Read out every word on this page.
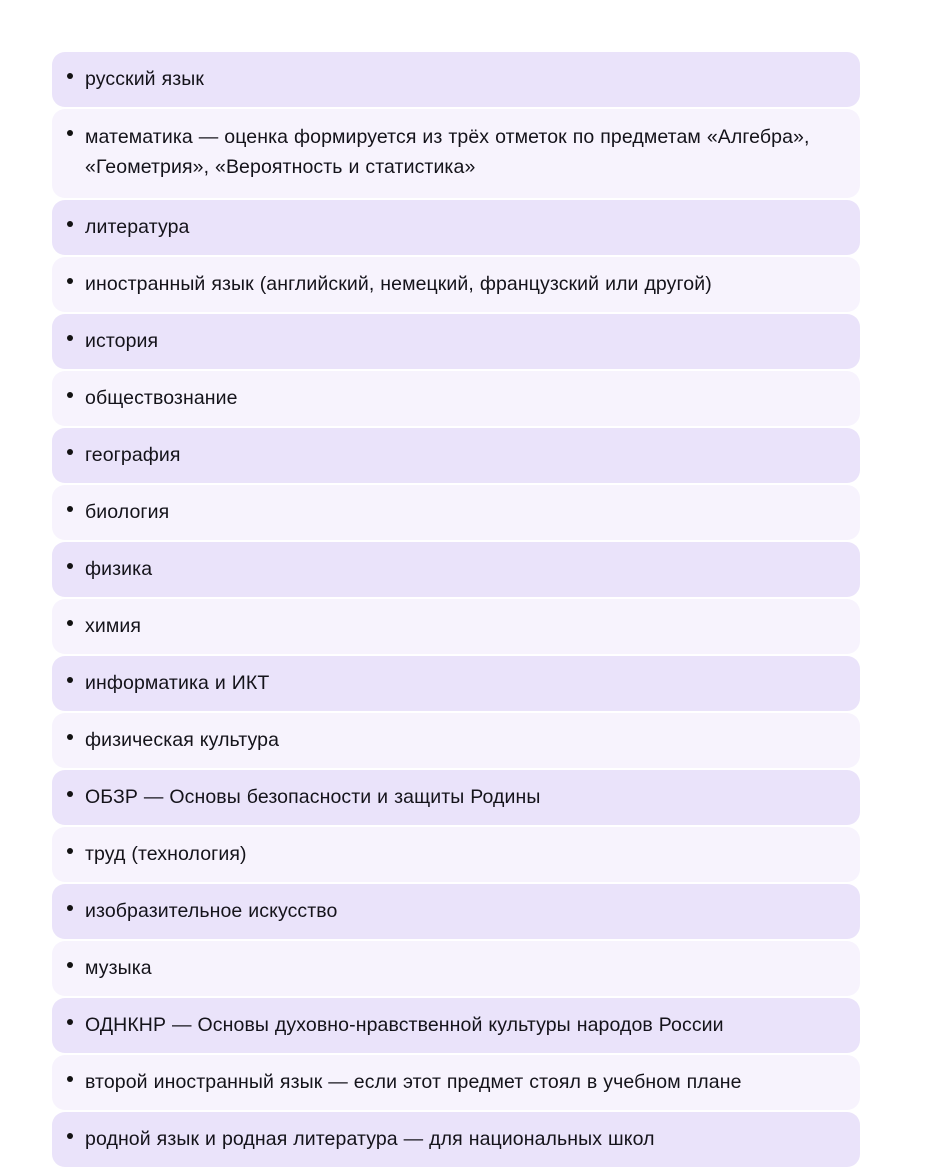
русский язык
математика — оценка формируется из трёх отметок по предметам «Алгебра», «Геометрия», «Вероятность и статистика»
литература
иностранный язык (английский, немецкий, французский или другой)
история
обществознание
география
биология
физика
химия
информатика и ИКТ
физическая культура
ОБЗР — Основы безопасности и защиты Родины
труд (технология)
изобразительное искусство
музыка
ОДНКНР — Основы духовно-нравственной культуры народов России
второй иностранный язык — если этот предмет стоял в учебном плане
родной язык и родная литература — для национальных школ
